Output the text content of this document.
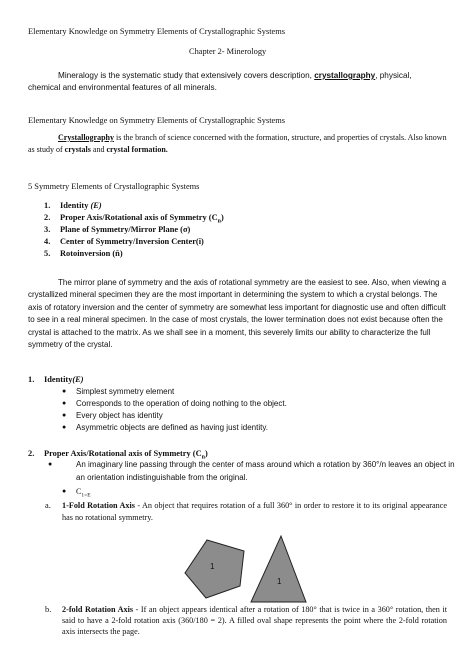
Elementary Knowledge on Symmetry Elements of Crystallographic Systems
Chapter 2- Minerology
Mineralogy is the systematic study that extensively covers description, crystallography, physical, chemical and environmental features of all minerals.
Elementary Knowledge on Symmetry Elements of Crystallographic Systems
Crystallography is the branch of science concerned with the formation, structure, and properties of crystals. Also known as study of crystals and crystal formation.
5 Symmetry Elements of Crystallographic Systems
1. Identity (E)
2. Proper Axis/Rotational axis of Symmetry $(C_n)$
3. Plane of Symmetry/Mirror Plane (σ)
4. Center of Symmetry/Inversion Center(i)
5. Rotoinversion (n̄)
The mirror plane of symmetry and the axis of rotational symmetry are the easiest to see. Also, when viewing a crystallized mineral specimen they are the most important in determining the system to which a crystal belongs. The axis of rotatory inversion and the center of symmetry are somewhat less important for diagnostic use and often difficult to see in a real mineral specimen. In the case of most crystals, the lower termination does not exist because often the crystal is attached to the matrix. As we shall see in a moment, this severely limits our ability to characterize the full symmetry of the crystal.
1. Identity(E)
● Simplest symmetry element
● Corresponds to the operation of doing nothing to the object.
● Every object has identity
● Asymmetric objects are defined as having just identity.
2. Proper Axis/Rotational axis of Symmetry $(C_n)$
●	An imaginary line passing through the center of mass around which a rotation by 360°/n leaves an object in an orientation indistinguishable from the original.
● $C_{1=E}$
a. 1-Fold Rotation Axis - An object that requires rotation of a full 360° in order to restore it to its original appearance has no rotational symmetry.
1
1
b. 2-fold Rotation Axis - If an object appears identical after a rotation of 180° that is twice in a 360° rotation, then it said to have a 2-fold rotation axis (360/180 = 2). A filled oval shape represents the point where the 2-fold rotation axis intersects the page.
